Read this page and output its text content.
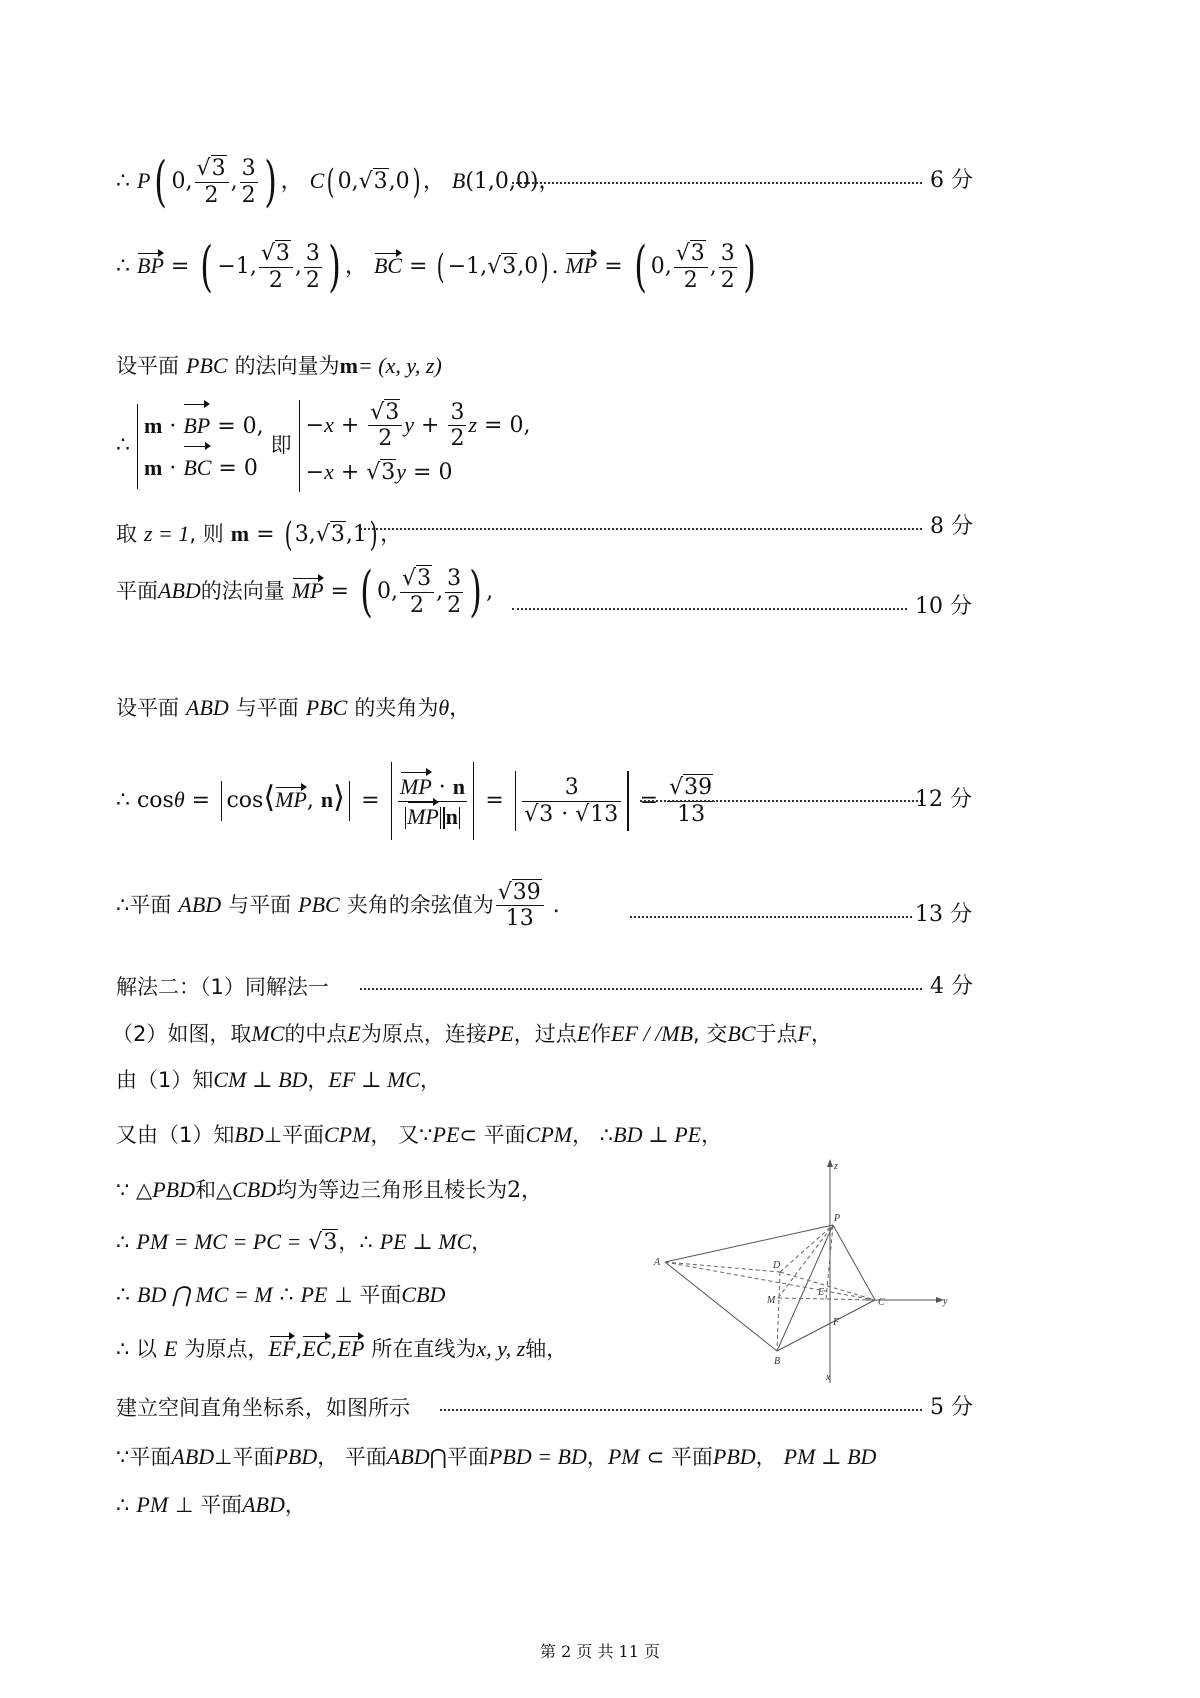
∴ P( 0, $\frac{√3}{2}$ , $\frac{3}{2}$ ) ， C( 0,√3,0) ， B(1,0,0)，	6 分
∴ BP = ( −1, $\frac{√3}{2}$ , $\frac{3}{2}$ ) ， BC = ( −1,√3,0) . MP = ( 0, $\frac{√3}{2}$ , $\frac{3}{2}$ )
设平面 PBC 的法向量为m= (x, y, z)
∴
m · BP = 0,
m · BC = 0
即
$-x + \frac{√3}{2}$ $y + \frac{3}{2}$ z = 0,
−x + √3y = 0
取 z = 1, 则 m = ( 3,√3,1) ，	8 分
平面ABD的法向量 MP = ( 0, $\frac{√3}{2}$ , $\frac{3}{2}$ ) ,
10 分
设平面 ABD 与平面 PBC 的夹角为θ，
∴ cosθ = cos⟨MP, n⟩ = $\frac{MP \cdot n}{\text{MP n}} = \frac{3}{√3 \cdot √13} = \frac{√39}{13}$	12 分
∴平面 ABD 与平面 PBC 夹角的余弦值为 $\frac{√39}{13}$ .	13 分
解法二：（1）同解法一	4 分
（2）如图，取MC的中点E为原点，连接PE，过点E作EF / /MB, 交BC于点F，
由（1）知CM ⊥ BD，EF ⊥ MC，
又由（1）知BD⊥平面CPM， 又∵PE⊂ 平面CPM， ∴BD ⊥ PE，
∵ △PBD和△CBD均为等边三角形且棱长为2，
∴ PM = MC = PC = √3，∴ PE ⊥ MC，
∴ BD ⋂ MC = M ∴ PE ⊥ 平面CBD
∴ 以 E 为原点，EF,EC,EP 所在直线为x, y, z轴，
建立空间直角坐标系，如图所示	5 分
∵平面ABD⊥平面PBD， 平面ABD⋂平面PBD = BD，PM ⊂ 平面PBD， PM ⊥ BD
∴ PM ⊥ 平面ABD，
z
P
A	D
M
E
C	y
F
B
x
第 2 页 共 11 页
